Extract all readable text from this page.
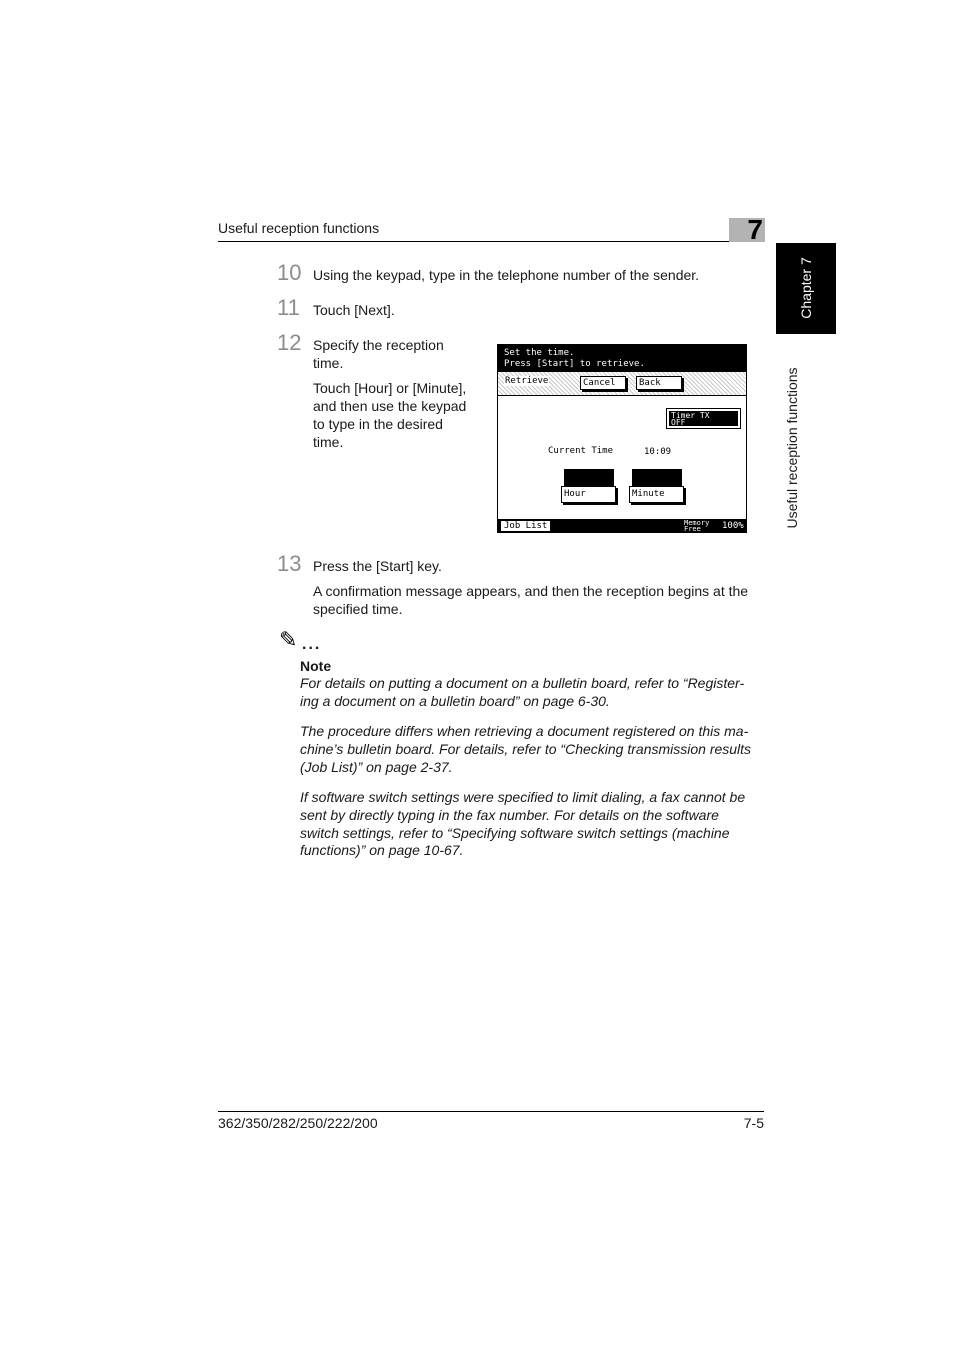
Useful reception functions	7
Chapter 7
Useful reception functions
10 Using the keypad, type in the telephone number of the sender.
11 Touch [Next].
12 Specify the reception
time.
Touch [Hour] or [Minute],
and then use the keypad
to type in the desired
time.
Set the time.
Press [Start] to retrieve.
Retrieve	Cancel	Back
Timer TX
OFF
Current Time	10:09
Hour	Minute
Job List	Memory
Free	100%
13 Press the [Start] key.
A confirmation message appears, and then the reception begins at the
specified time.
✎ ...
Note
For details on putting a document on a bulletin board, refer to “Register-
ing a document on a bulletin board” on page 6-30.
The procedure differs when retrieving a document registered on this ma-
chine’s bulletin board. For details, refer to “Checking transmission results
(Job List)” on page 2-37.
If software switch settings were specified to limit dialing, a fax cannot be
sent by directly typing in the fax number. For details on the software
switch settings, refer to “Specifying software switch settings (machine
functions)” on page 10-67.
362/350/282/250/222/200	7-5
